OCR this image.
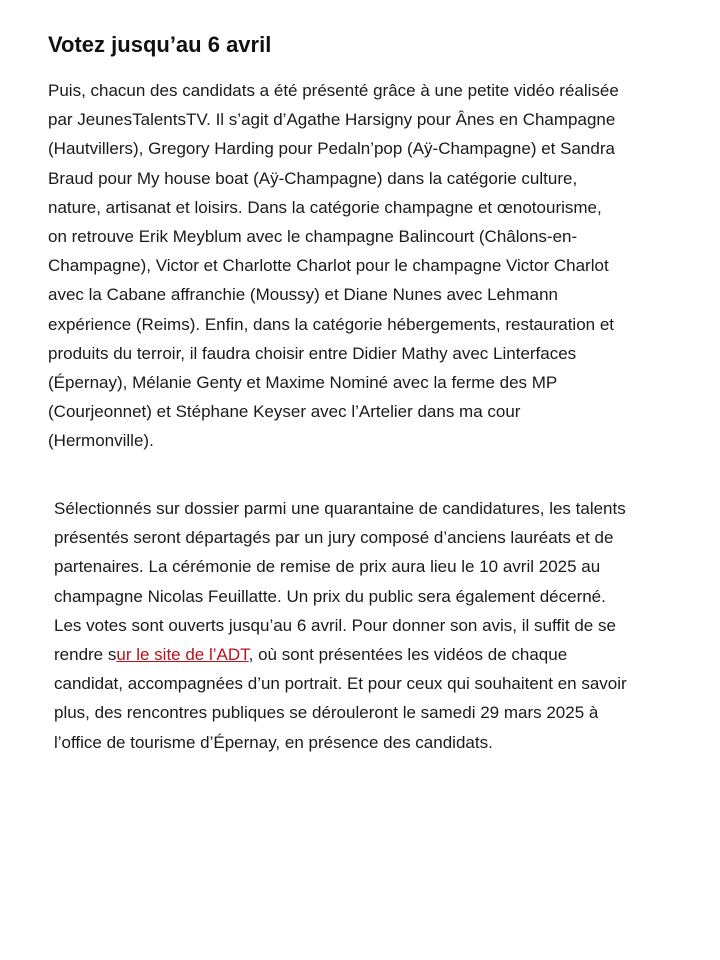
Votez jusqu’au 6 avril

Puis, chacun des candidats a été présenté grâce à une petite vidéo réalisée
par JeunesTalentsTV. Il s’agit d’Agathe Harsigny pour Ânes en Champagne
(Hautvillers), Gregory Harding pour Pedaln’pop (Aÿ-Champagne) et Sandra
Braud pour My house boat (Aÿ-Champagne) dans la catégorie culture,
nature, artisanat et loisirs. Dans la catégorie champagne et œnotourisme,
on retrouve Erik Meyblum avec le champagne Balincourt (Châlons-en-
Champagne), Victor et Charlotte Charlot pour le champagne Victor Charlot
avec la Cabane affranchie (Moussy) et Diane Nunes avec Lehmann
expérience (Reims). Enfin, dans la catégorie hébergements, restauration et
produits du terroir, il faudra choisir entre Didier Mathy avec Linterfaces
(Épernay), Mélanie Genty et Maxime Nominé avec la ferme des MP
(Courjeonnet) et Stéphane Keyser avec l’Artelier dans ma cour
(Hermonville).

Sélectionnés sur dossier parmi une quarantaine de candidatures, les talents
présentés seront départagés par un jury composé d’anciens lauréats et de
partenaires. La cérémonie de remise de prix aura lieu le 10 avril 2025 au
champagne Nicolas Feuillatte. Un prix du public sera également décerné.
Les votes sont ouverts jusqu’au 6 avril. Pour donner son avis, il suffit de se
rendre sur le site de l’ADT, où sont présentées les vidéos de chaque
candidat, accompagnées d’un portrait. Et pour ceux qui souhaitent en savoir
plus, des rencontres publiques se dérouleront le samedi 29 mars 2025 à
l’office de tourisme d’Épernay, en présence des candidats.
